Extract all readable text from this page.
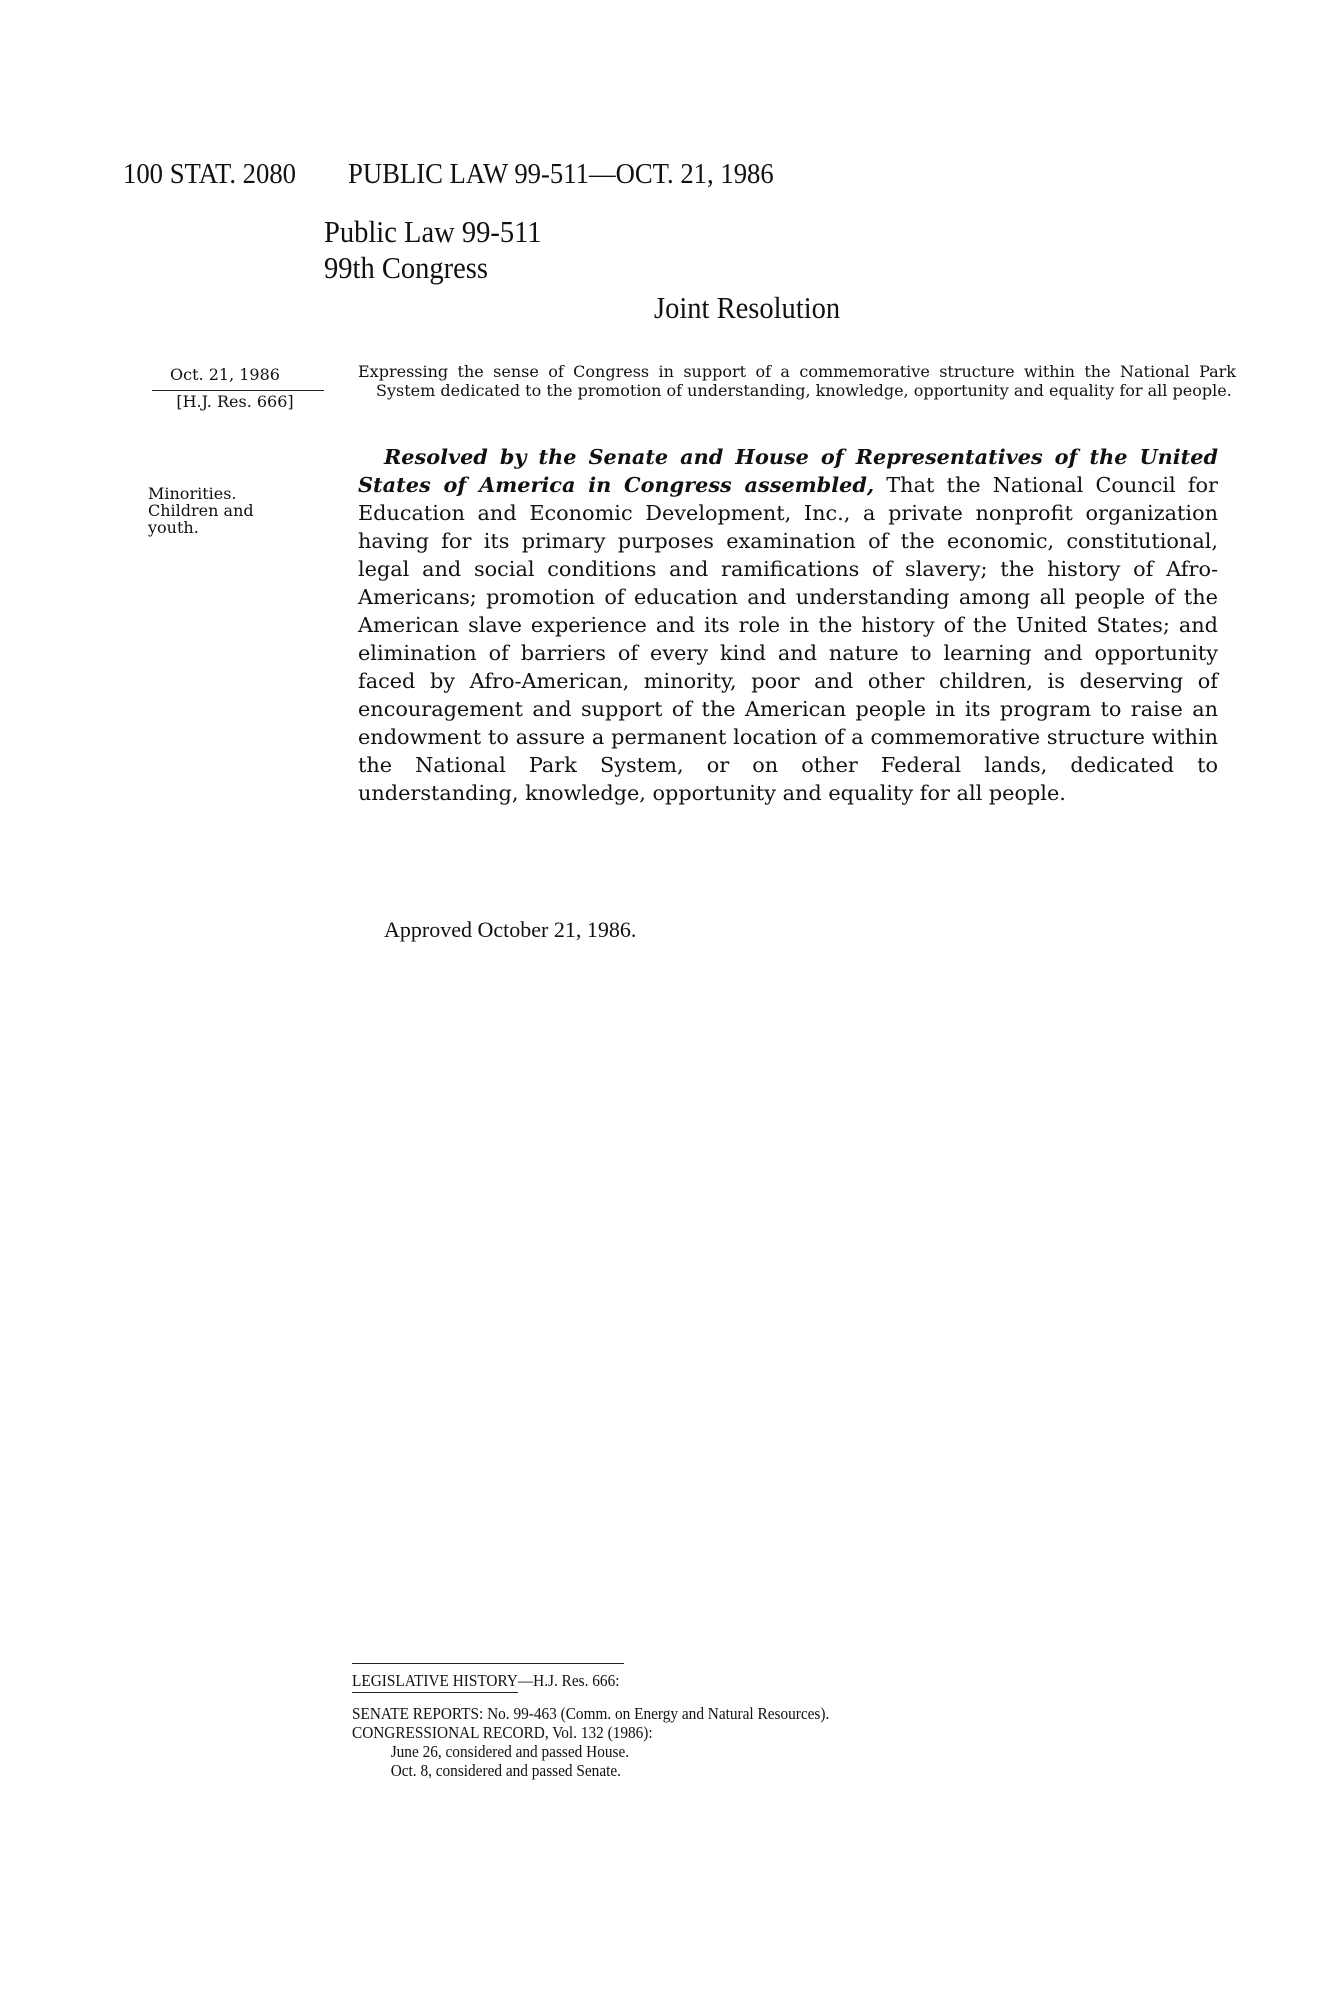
100 STAT. 2080 PUBLIC LAW 99-511—OCT. 21, 1986
Public Law 99-511
99th Congress
Joint Resolution
Oct. 21, 1986
[H.J. Res. 666]
Minorities.
Children and
youth.
Expressing the sense of Congress in support of a commemorative structure within the National Park System dedicated to the promotion of understanding, knowledge, opportunity and equality for all people.
Resolved by the Senate and House of Representatives of the United States of America in Congress assembled, That the National Council for Education and Economic Development, Inc., a private nonprofit organization having for its primary purposes examination of the economic, constitutional, legal and social conditions and ramifications of slavery; the history of Afro-Americans; promotion of education and understanding among all people of the American slave experience and its role in the history of the United States; and elimination of barriers of every kind and nature to learning and opportunity faced by Afro-American, minority, poor and other children, is deserving of encouragement and support of the American people in its program to raise an endowment to assure a permanent location of a commemorative structure within the National Park System, or on other Federal lands, dedicated to understanding, knowledge, opportunity and equality for all people.
Approved October 21, 1986.
LEGISLATIVE HISTORY—H.J. Res. 666:
SENATE REPORTS: No. 99-463 (Comm. on Energy and Natural Resources).
CONGRESSIONAL RECORD, Vol. 132 (1986):
June 26, considered and passed House.
Oct. 8, considered and passed Senate.
